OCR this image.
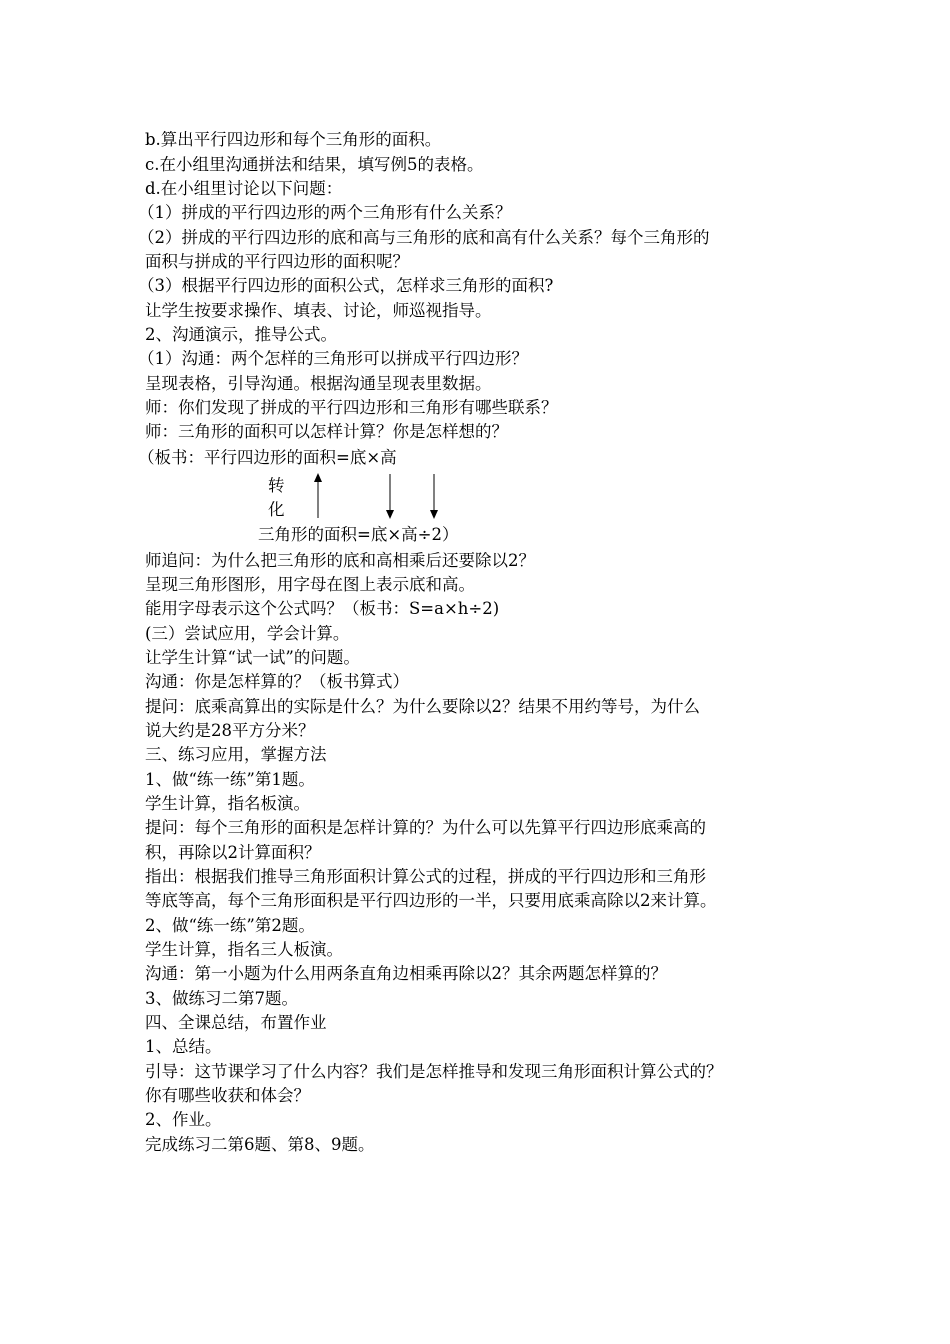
b.算出平行四边形和每个三角形的面积。
c.在小组里沟通拼法和结果，填写例5的表格。
d.在小组里讨论以下问题：
（1）拼成的平行四边形的两个三角形有什么关系？
（2）拼成的平行四边形的底和高与三角形的底和高有什么关系？每个三角形的
面积与拼成的平行四边形的面积呢？
（3）根据平行四边形的面积公式，怎样求三角形的面积?
让学生按要求操作、填表、讨论，师巡视指导。
2、沟通演示，推导公式。
（1）沟通：两个怎样的三角形可以拼成平行四边形？
呈现表格，引导沟通。根据沟通呈现表里数据。
师：你们发现了拼成的平行四边形和三角形有哪些联系？
师：三角形的面积可以怎样计算？你是怎样想的？
（板书：平行四边形的面积=底×高
转
化
三角形的面积=底×高÷2）
师追问：为什么把三角形的底和高相乘后还要除以2？
呈现三角形图形，用字母在图上表示底和高。
能用字母表示这个公式吗？（板书：S=a×h÷2)
(三）尝试应用，学会计算。
让学生计算“试一试”的问题。
沟通：你是怎样算的？（板书算式）
提问：底乘高算出的实际是什么？为什么要除以2？结果不用约等号，为什么
说大约是28平方分米？
三、练习应用，掌握方法
1、做“练一练”第1题。
学生计算，指名板演。
提问：每个三角形的面积是怎样计算的？为什么可以先算平行四边形底乘高的
积，再除以2计算面积？
指出：根据我们推导三角形面积计算公式的过程，拼成的平行四边形和三角形
等底等高，每个三角形面积是平行四边形的一半，只要用底乘高除以2来计算。
2、做“练一练”第2题。
学生计算，指名三人板演。
沟通：第一小题为什么用两条直角边相乘再除以2？其余两题怎样算的？
3、做练习二第7题。
四、全课总结，布置作业
1、总结。
引导：这节课学习了什么内容？我们是怎样推导和发现三角形面积计算公式的？
你有哪些收获和体会？
2、作业。
完成练习二第6题、第8、9题。
